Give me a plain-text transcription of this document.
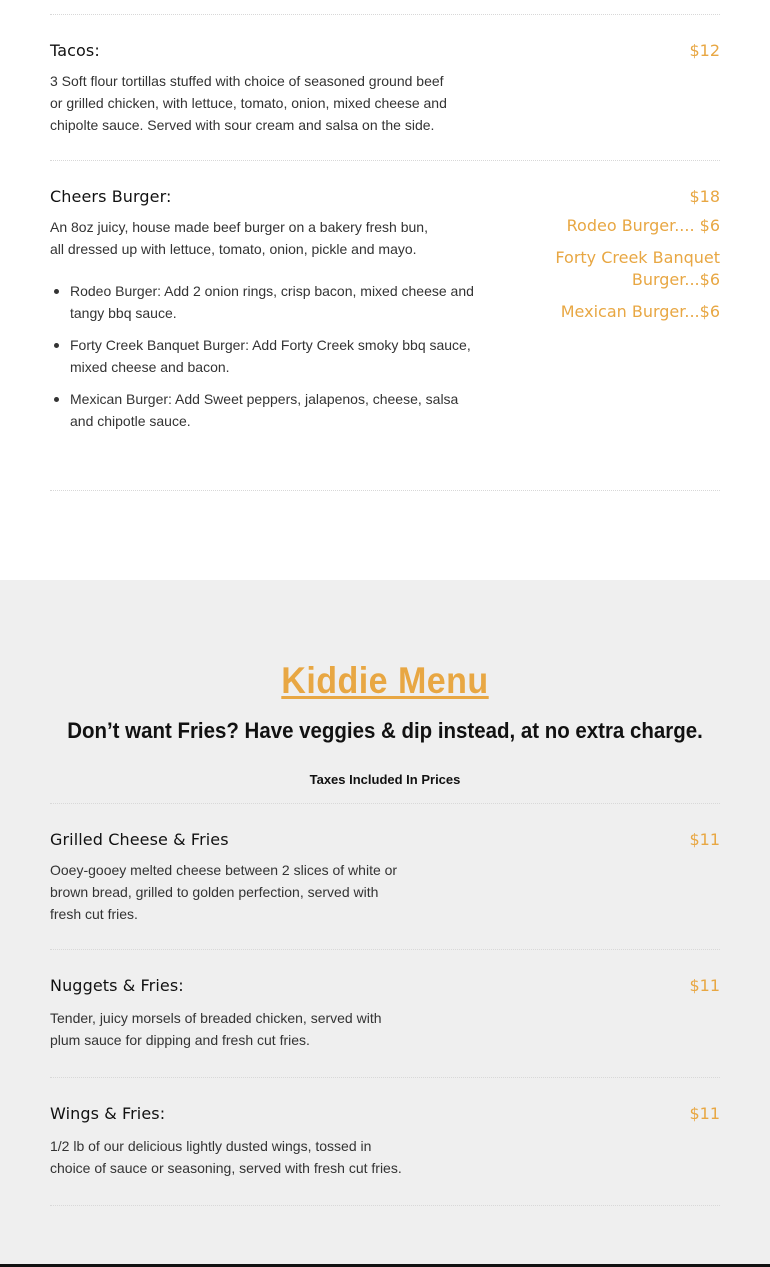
Tacos:	$12
3 Soft flour tortillas stuffed with choice of seasoned ground beef
or grilled chicken, with lettuce, tomato, onion, mixed cheese and
chipolte sauce. Served with sour cream and salsa on the side.
Cheers Burger:	$18
An 8oz juicy, house made beef burger on a bakery fresh bun,
all dressed up with lettuce, tomato, onion, pickle and mayo.
Rodeo Burger: Add 2 onion rings, crisp bacon, mixed cheese and tangy bbq sauce.
Forty Creek Banquet Burger: Add Forty Creek smoky bbq sauce, mixed cheese and bacon.
Mexican Burger: Add Sweet peppers, jalapenos, cheese, salsa and chipotle sauce.
Rodeo Burger.... $6
Forty Creek Banquet Burger...$6
Mexican Burger...$6
Kiddie Menu
Don’t want Fries? Have veggies & dip instead, at no extra charge.
Taxes Included In Prices
Grilled Cheese & Fries	$11
Ooey-gooey melted cheese between 2 slices of white or
brown bread, grilled to golden perfection, served with
fresh cut fries.
Nuggets & Fries:	$11
Tender, juicy morsels of breaded chicken, served with
plum sauce for dipping and fresh cut fries.
Wings & Fries:	$11
1/2 lb of our delicious lightly dusted wings, tossed in
choice of sauce or seasoning, served with fresh cut fries.
